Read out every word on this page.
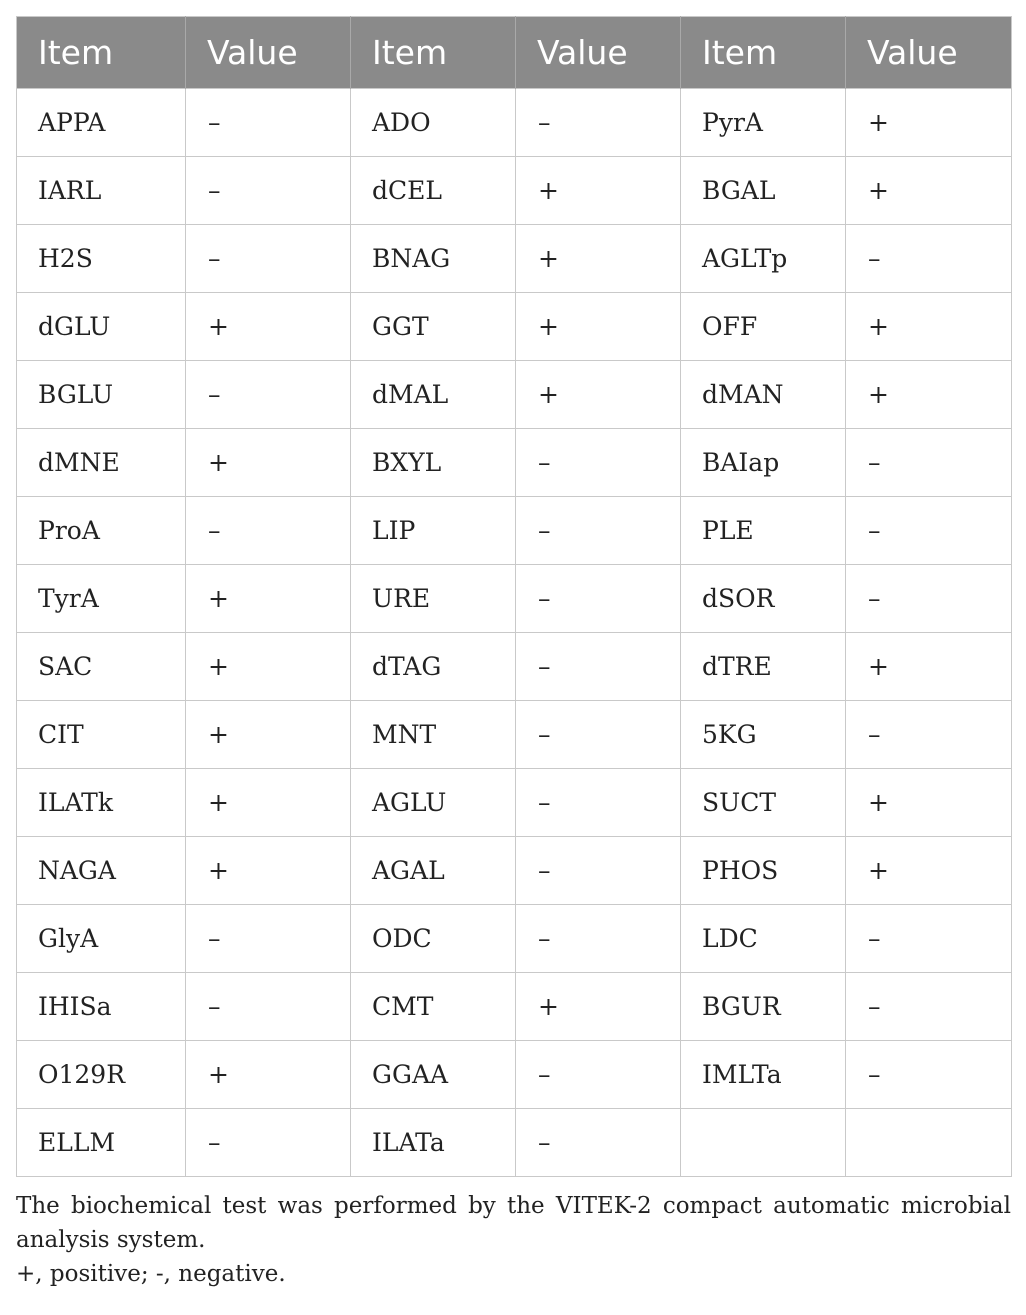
Item	Value	Item	Value	Item	Value
APPA	–	ADO	–	PyrA	+
IARL	–	dCEL	+	BGAL	+
H2S	–	BNAG	+	AGLTp	–
dGLU	+	GGT	+	OFF	+
BGLU	–	dMAL	+	dMAN	+
dMNE	+	BXYL	–	BAIap	–
ProA	–	LIP	–	PLE	–
TyrA	+	URE	–	dSOR	–
SAC	+	dTAG	–	dTRE	+
CIT	+	MNT	–	5KG	–
ILATk	+	AGLU	–	SUCT	+
NAGA	+	AGAL	–	PHOS	+
GlyA	–	ODC	–	LDC	–
IHISa	–	CMT	+	BGUR	–
O129R	+	GGAA	–	IMLTa	–
ELLM	–	ILATa	–		

The biochemical test was performed by the VITEK-2 compact automatic microbial analysis system.

+, positive; -, negative.
